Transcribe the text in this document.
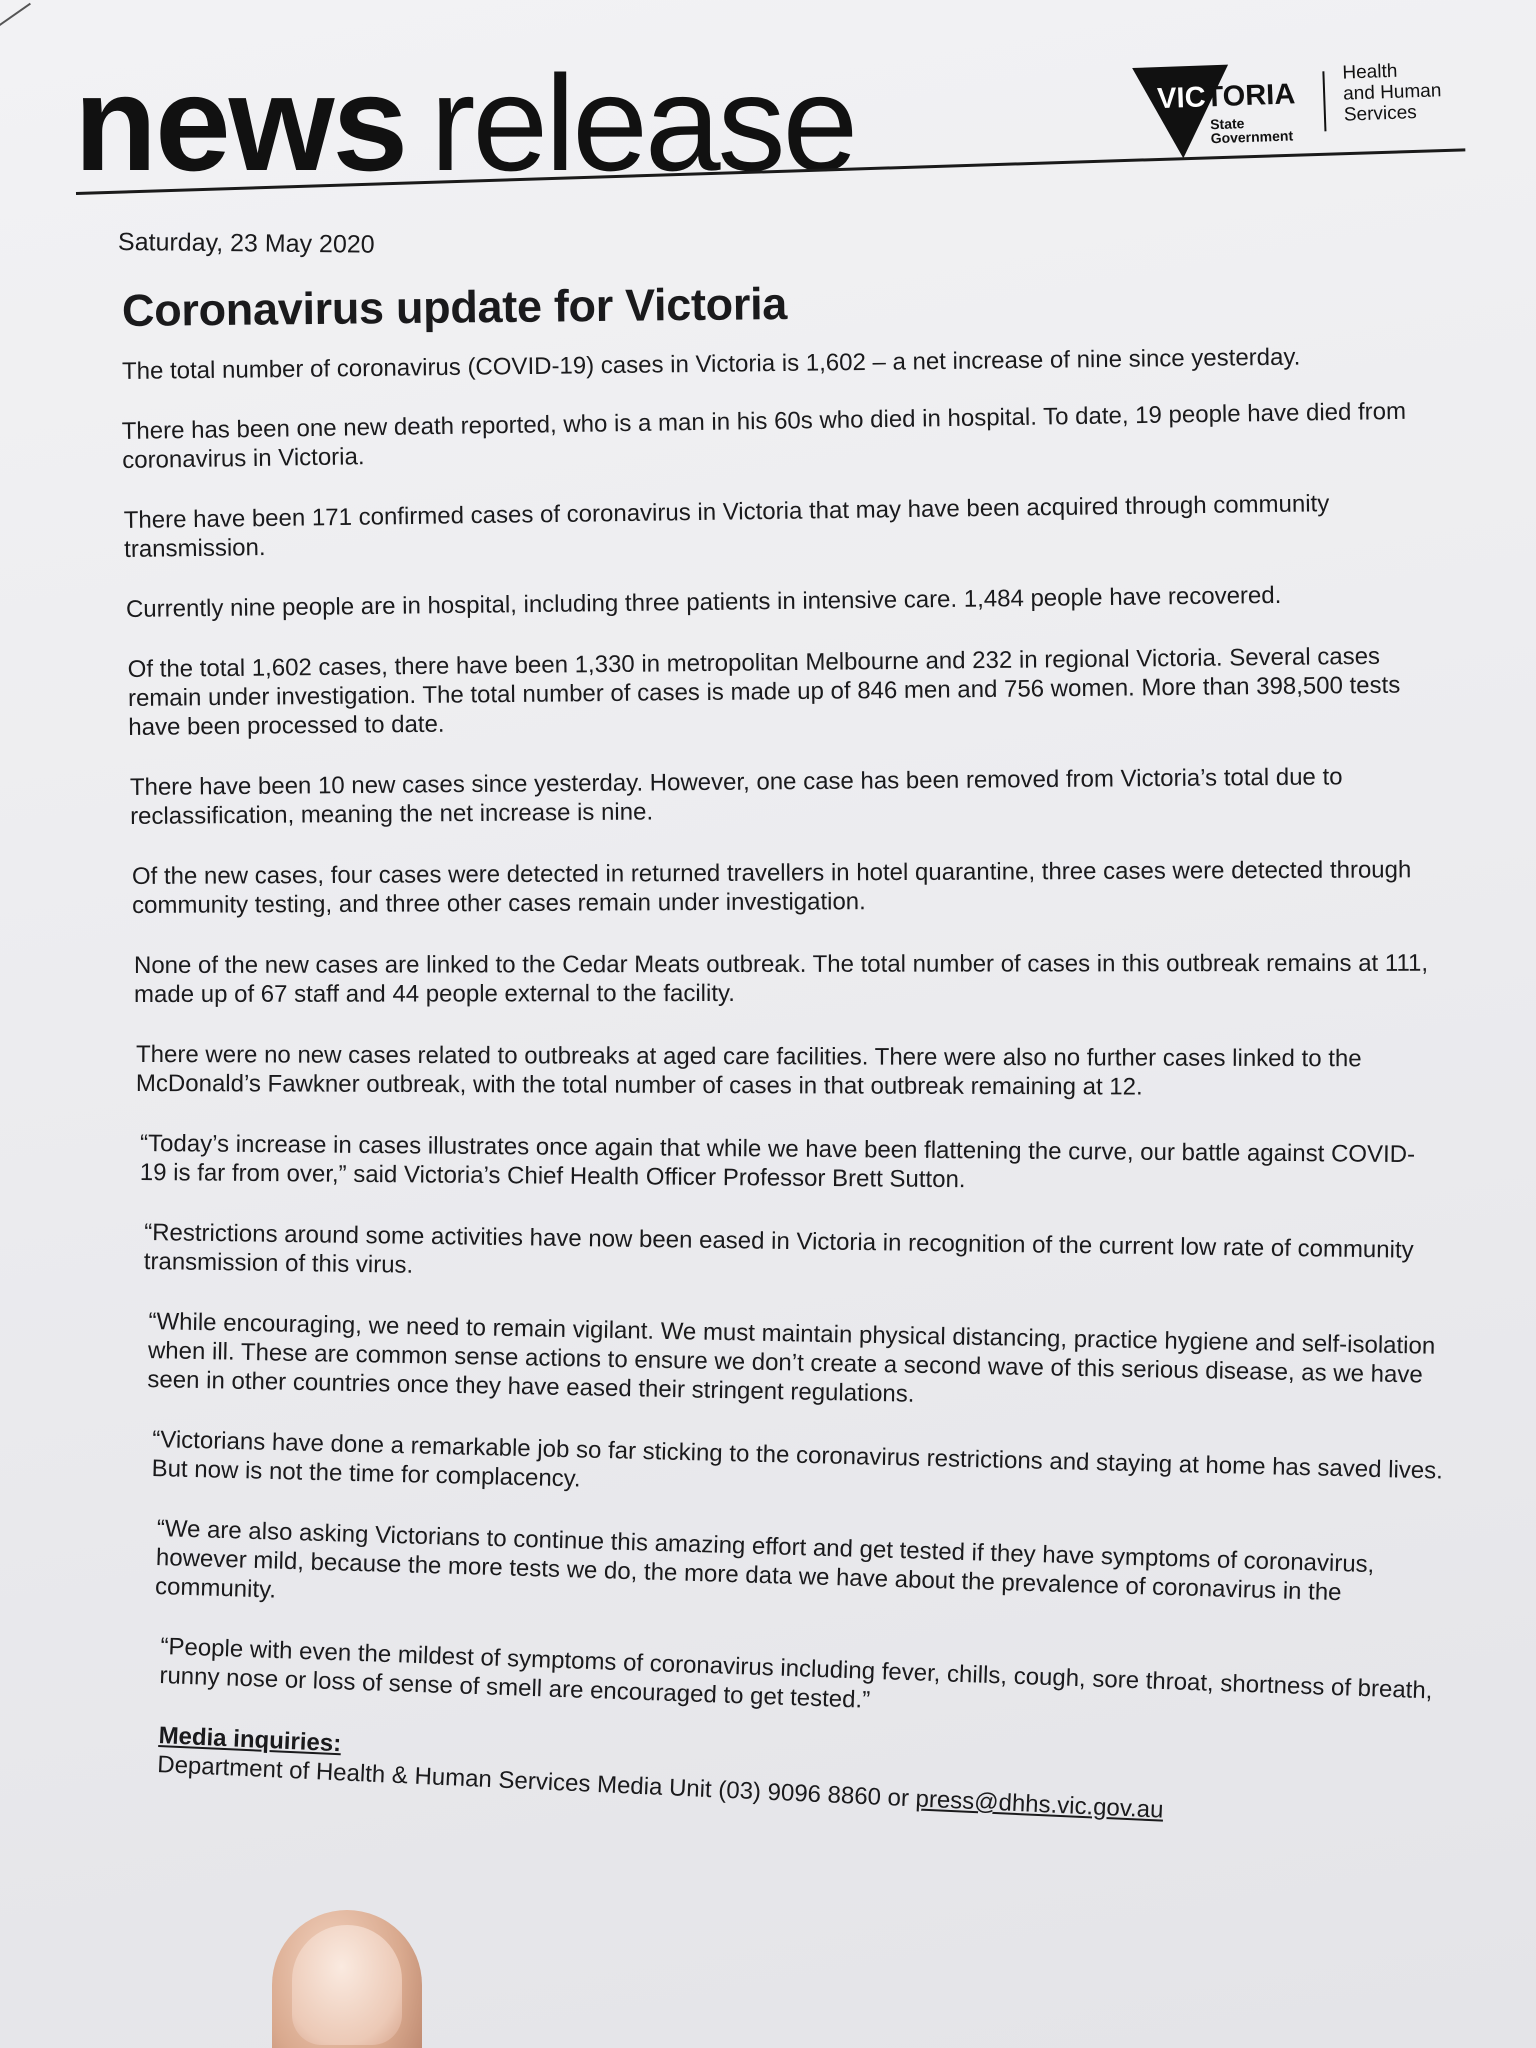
news release	VICTORIA
State
Government
Health
and Human
Services
Saturday, 23 May 2020
Coronavirus update for Victoria

The total number of coronavirus (COVID-19) cases in Victoria is 1,602 – a net increase of nine since yesterday.

There has been one new death reported, who is a man in his 60s who died in hospital. To date, 19 people have died from coronavirus in Victoria.

There have been 171 confirmed cases of coronavirus in Victoria that may have been acquired through community transmission.

Currently nine people are in hospital, including three patients in intensive care. 1,484 people have recovered.

Of the total 1,602 cases, there have been 1,330 in metropolitan Melbourne and 232 in regional Victoria. Several cases remain under investigation. The total number of cases is made up of 846 men and 756 women. More than 398,500 tests have been processed to date.

There have been 10 new cases since yesterday. However, one case has been removed from Victoria’s total due to reclassification, meaning the net increase is nine.

Of the new cases, four cases were detected in returned travellers in hotel quarantine, three cases were detected through community testing, and three other cases remain under investigation.

None of the new cases are linked to the Cedar Meats outbreak. The total number of cases in this outbreak remains at 111, made up of 67 staff and 44 people external to the facility.

There were no new cases related to outbreaks at aged care facilities. There were also no further cases linked to the McDonald’s Fawkner outbreak, with the total number of cases in that outbreak remaining at 12.

“Today’s increase in cases illustrates once again that while we have been flattening the curve, our battle against COVID-19 is far from over,” said Victoria’s Chief Health Officer Professor Brett Sutton.

“Restrictions around some activities have now been eased in Victoria in recognition of the current low rate of community transmission of this virus.

“While encouraging, we need to remain vigilant. We must maintain physical distancing, practice hygiene and self-isolation when ill. These are common sense actions to ensure we don’t create a second wave of this serious disease, as we have seen in other countries once they have eased their stringent regulations.

“Victorians have done a remarkable job so far sticking to the coronavirus restrictions and staying at home has saved lives. But now is not the time for complacency.

“We are also asking Victorians to continue this amazing effort and get tested if they have symptoms of coronavirus, however mild, because the more tests we do, the more data we have about the prevalence of coronavirus in the community.

“People with even the mildest of symptoms of coronavirus including fever, chills, cough, sore throat, shortness of breath, runny nose or loss of sense of smell are encouraged to get tested.”

Media inquiries:
Department of Health & Human Services Media Unit (03) 9096 8860 or press@dhhs.vic.gov.au
